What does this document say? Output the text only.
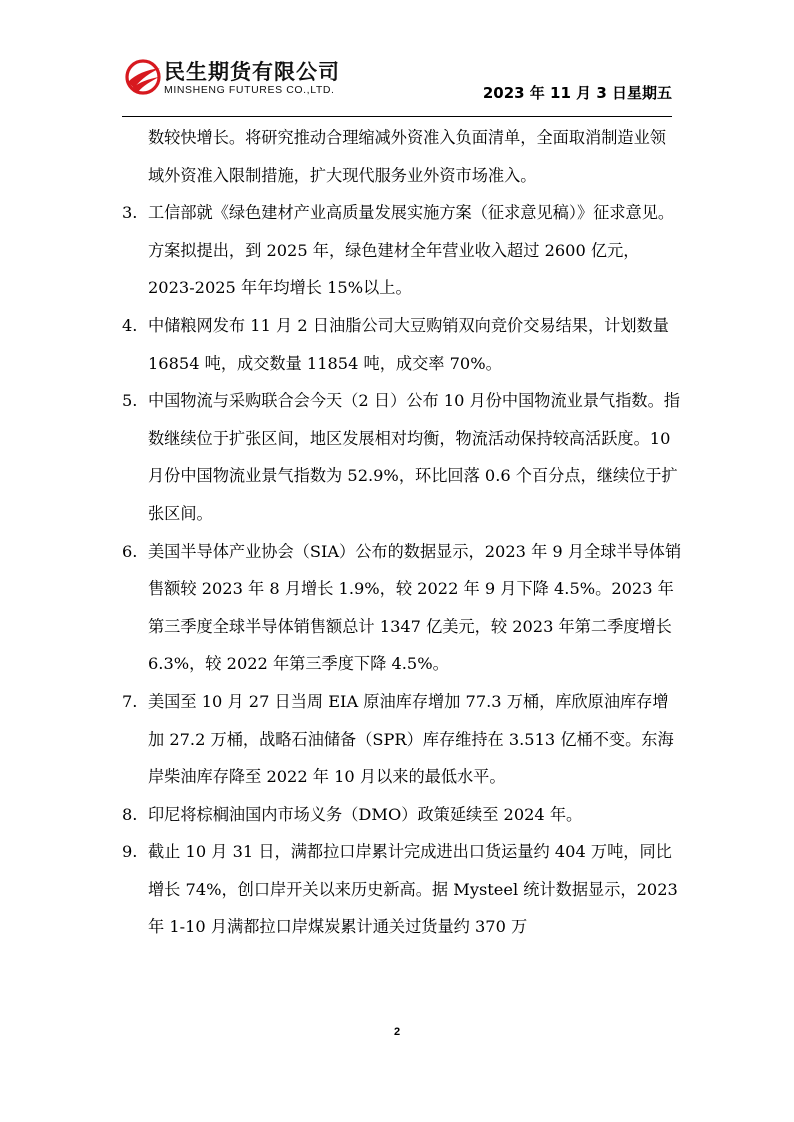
民生期货有限公司
MINSHENG FUTURES CO.,LTD.	2023 年 11 月 3 日星期五

数较快增长。将研究推动合理缩减外资准入负面清单，全面取消制造业领域外资准入限制措施，扩大现代服务业外资市场准入。

3. 工信部就《绿色建材产业高质量发展实施方案（征求意见稿）》征求意见。方案拟提出，到 2025 年，绿色建材全年营业收入超过 2600 亿元，2023-2025 年年均增长 15%以上。
4. 中储粮网发布 11 月 2 日油脂公司大豆购销双向竞价交易结果，计划数量 16854 吨，成交数量 11854 吨，成交率 70%。
5. 中国物流与采购联合会今天（2 日）公布 10 月份中国物流业景气指数。指数继续位于扩张区间，地区发展相对均衡，物流活动保持较高活跃度。10 月份中国物流业景气指数为 52.9%，环比回落 0.6 个百分点，继续位于扩张区间。
6. 美国半导体产业协会（SIA）公布的数据显示，2023 年 9 月全球半导体销售额较 2023 年 8 月增长 1.9%，较 2022 年 9 月下降 4.5%。2023 年第三季度全球半导体销售额总计 1347 亿美元，较 2023 年第二季度增长 6.3%，较 2022 年第三季度下降 4.5%。
7. 美国至 10 月 27 日当周 EIA 原油库存增加 77.3 万桶，库欣原油库存增加 27.2 万桶，战略石油储备（SPR）库存维持在 3.513 亿桶不变。东海岸柴油库存降至 2022 年 10 月以来的最低水平。
8. 印尼将棕榈油国内市场义务（DMO）政策延续至 2024 年。
9. 截止 10 月 31 日，满都拉口岸累计完成进出口货运量约 404 万吨，同比增长 74%，创口岸开关以来历史新高。据 Mysteel 统计数据显示，2023 年 1-10 月满都拉口岸煤炭累计通关过货量约 370 万
2
